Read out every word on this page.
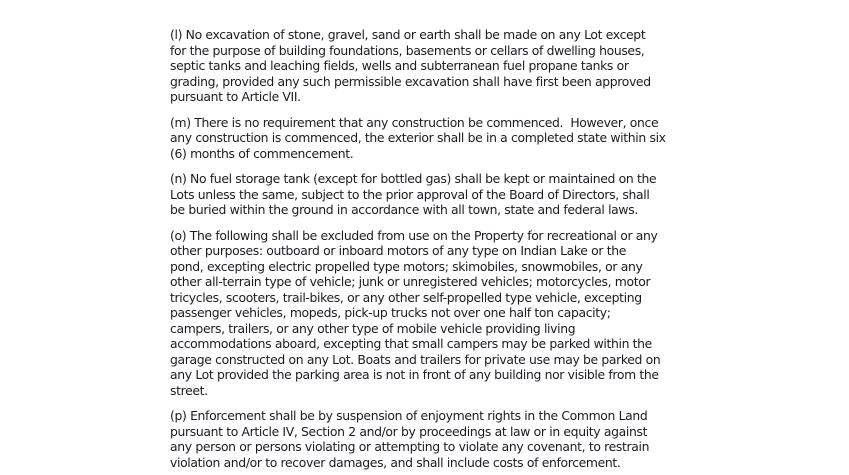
(l) No excavation of stone, gravel, sand or earth shall be made on any Lot except
for the purpose of building foundations, basements or cellars of dwelling houses,
septic tanks and leaching fields, wells and subterranean fuel propane tanks or
grading, provided any such permissible excavation shall have first been approved
pursuant to Article VII.
(m) There is no requirement that any construction be commenced.  However, once
any construction is commenced, the exterior shall be in a completed state within six
(6) months of commencement.
(n) No fuel storage tank (except for bottled gas) shall be kept or maintained on the
Lots unless the same, subject to the prior approval of the Board of Directors, shall
be buried within the ground in accordance with all town, state and federal laws.
(o) The following shall be excluded from use on the Property for recreational or any
other purposes: outboard or inboard motors of any type on Indian Lake or the
pond, excepting electric propelled type motors; skimobiles, snowmobiles, or any
other all-terrain type of vehicle; junk or unregistered vehicles; motorcycles, motor
tricycles, scooters, trail-bikes, or any other self-propelled type vehicle, excepting
passenger vehicles, mopeds, pick-up trucks not over one half ton capacity;
campers, trailers, or any other type of mobile vehicle providing living
accommodations aboard, excepting that small campers may be parked within the
garage constructed on any Lot. Boats and trailers for private use may be parked on
any Lot provided the parking area is not in front of any building nor visible from the
street.
(p) Enforcement shall be by suspension of enjoyment rights in the Common Land
pursuant to Article IV, Section 2 and/or by proceedings at law or in equity against
any person or persons violating or attempting to violate any covenant, to restrain
violation and/or to recover damages, and shall include costs of enforcement.
